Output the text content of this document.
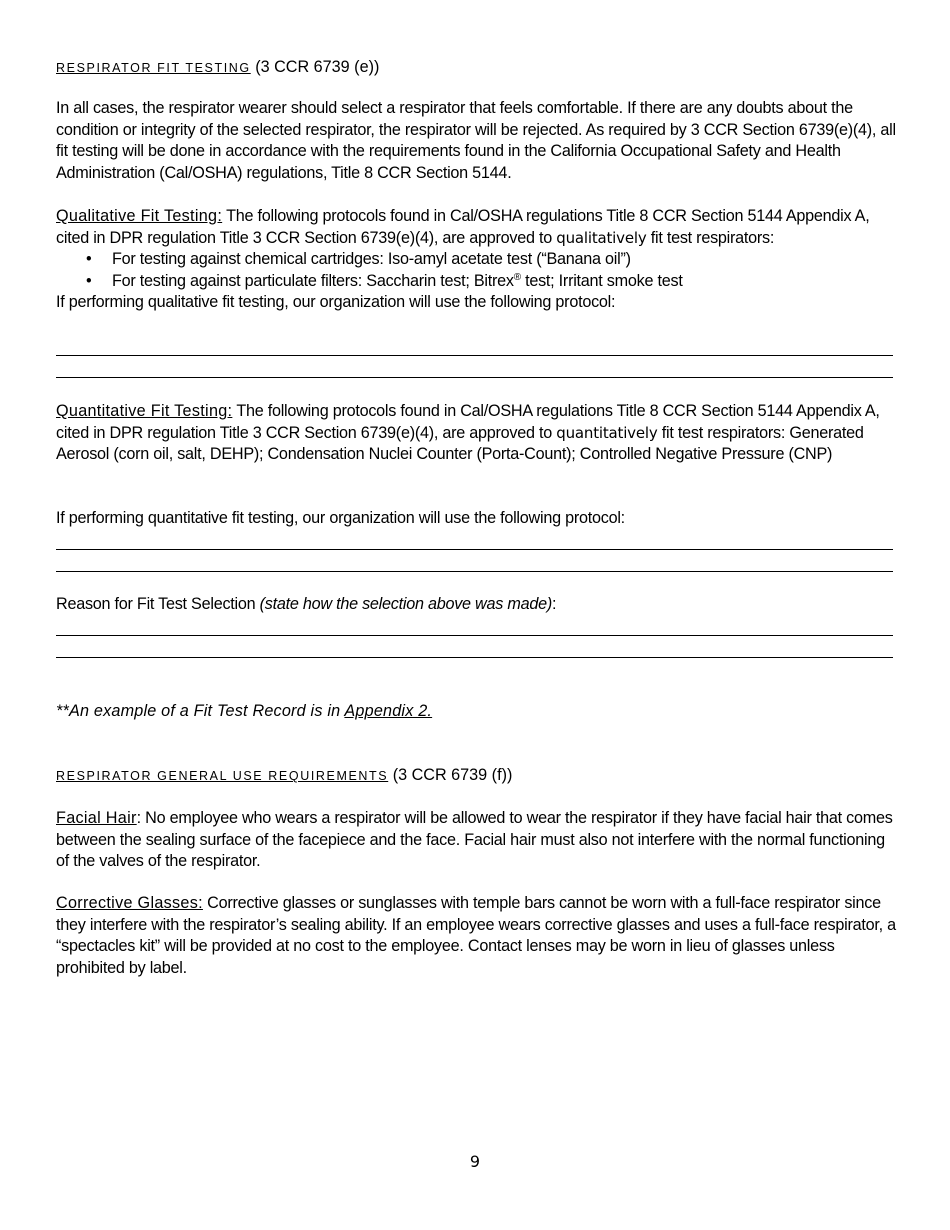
RESPIRATOR FIT TESTING (3 CCR 6739 (e))
In all cases, the respirator wearer should select a respirator that feels comfortable. If there are any doubts about the condition or integrity of the selected respirator, the respirator will be rejected. As required by 3 CCR Section 6739(e)(4), all fit testing will be done in accordance with the requirements found in the California Occupational Safety and Health Administration (Cal/OSHA) regulations, Title 8 CCR Section 5144.
Qualitative Fit Testing: The following protocols found in Cal/OSHA regulations Title 8 CCR Section 5144 Appendix A, cited in DPR regulation Title 3 CCR Section 6739(e)(4), are approved to qualitatively fit test respirators:
• For testing against chemical cartridges: Iso-amyl acetate test (“Banana oil”)
• For testing against particulate filters: Saccharin test; Bitrex® test; Irritant smoke test
If performing qualitative fit testing, our organization will use the following protocol:
Quantitative Fit Testing: The following protocols found in Cal/OSHA regulations Title 8 CCR Section 5144 Appendix A, cited in DPR regulation Title 3 CCR Section 6739(e)(4), are approved to quantitatively fit test respirators: Generated Aerosol (corn oil, salt, DEHP); Condensation Nuclei Counter (Porta-Count); Controlled Negative Pressure (CNP)
If performing quantitative fit testing, our organization will use the following protocol:
Reason for Fit Test Selection (state how the selection above was made):
**An example of a Fit Test Record is in Appendix 2.
RESPIRATOR GENERAL USE REQUIREMENTS (3 CCR 6739 (f))
Facial Hair: No employee who wears a respirator will be allowed to wear the respirator if they have facial hair that comes between the sealing surface of the facepiece and the face. Facial hair must also not interfere with the normal functioning of the valves of the respirator.
Corrective Glasses: Corrective glasses or sunglasses with temple bars cannot be worn with a full-face respirator since they interfere with the respirator’s sealing ability. If an employee wears corrective glasses and uses a full-face respirator, a “spectacles kit” will be provided at no cost to the employee. Contact lenses may be worn in lieu of glasses unless prohibited by label.
9
